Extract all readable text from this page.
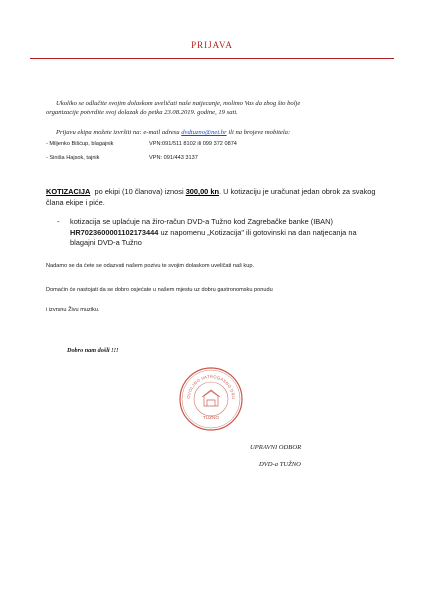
PRIJAVA
Ukoliko se odlučite svojim dolaskom uveličati naše natjecanje, molimo Vas da zbog što bolje
organizacije potvrdite svoj dolazak do petka 23.08.2019. godine, 19 sati.
Prijavu ekipa možete izvršiti na: e-mail adresu dvdtuzno@net.hr ili na brojeve mobitela:
- Miljenko Bišćup, blagajnik	VPN:091/511 8102 ili 099 372 0874
- Siniša Hajsok, tajnik	VPN: 091/443 3137
KOTIZACIJA po ekipi (10 članova) iznosi 300,00 kn. U kotizaciju je uračunat jedan obrok za svakog člana ekipe i piće.
- kotizacija se uplaćuje na žiro-račun DVD-a Tužno kod Zagrebačke banke (IBAN) HR7023600001102173444 uz napomenu „Kotizacija" ili gotovinski na dan natjecanja na blagajni DVD-a Tužno
Nadamo se da ćete se odazvati našem pozivu te svojim dolaskom uveličati naš kup.
Domaćin će nastojati da se dobro osjećate u našem mjestu uz dobru gastronomsku ponudu
i izvrsnu Živu muziku.
Dobro nam došli !!!
OVOLJNO VATROGASNO DRU
TUŽNO
UPRAVNI ODBOR
DVD-a TUŽNO
